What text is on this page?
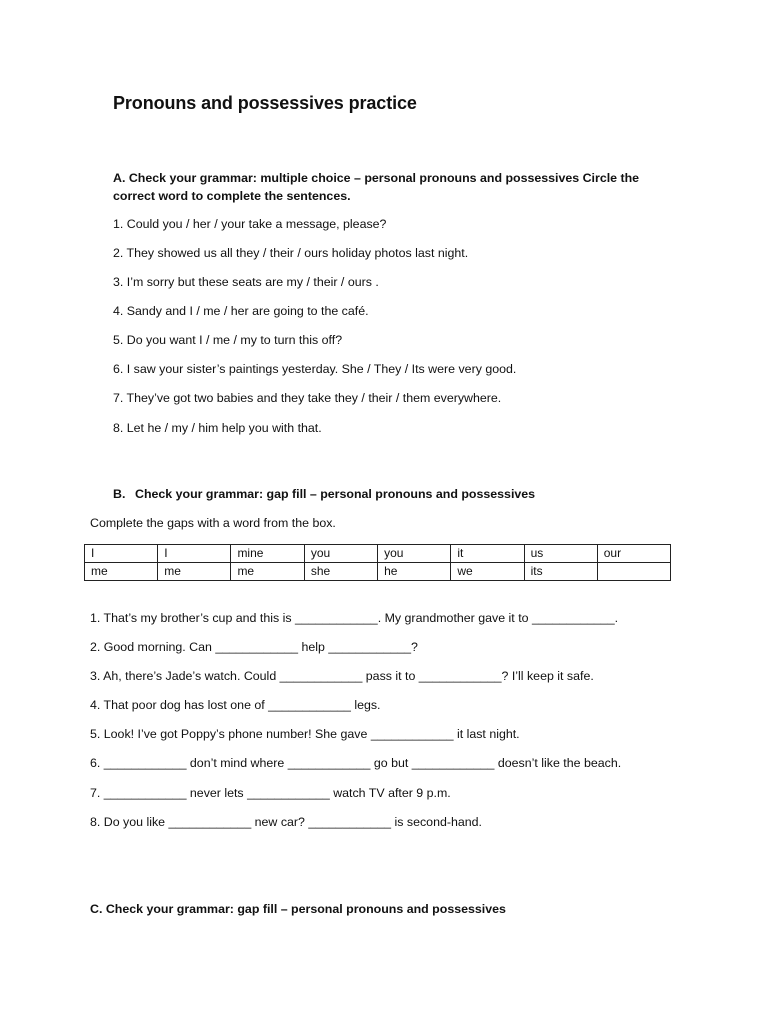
Pronouns and possessives practice
A. Check your grammar: multiple choice – personal pronouns and possessives Circle the correct word to complete the sentences.
1. Could you / her / your take a message, please?
2. They showed us all they / their / ours holiday photos last night.
3. I’m sorry but these seats are my / their / ours .
4. Sandy and I / me / her are going to the café.
5. Do you want I / me / my to turn this off?
6. I saw your sister’s paintings yesterday. She / They / Its were very good.
7. They’ve got two babies and they take they / their / them everywhere.
8. Let he / my / him help you with that.
B. Check your grammar: gap fill – personal pronouns and possessives
Complete the gaps with a word from the box.
I	I	mine	you	you	it	us	our
me	me	me	she	he	we	its	
1. That’s my brother’s cup and this is ____________. My grandmother gave it to ____________.
2. Good morning. Can ____________ help ____________?
3. Ah, there’s Jade’s watch. Could ____________ pass it to ____________? I’ll keep it safe.
4. That poor dog has lost one of ____________ legs.
5. Look! I’ve got Poppy’s phone number! She gave ____________ it last night.
6. ____________ don’t mind where ____________ go but ____________ doesn’t like the beach.
7. ____________ never lets ____________ watch TV after 9 p.m.
8. Do you like ____________ new car? ____________ is second-hand.
C. Check your grammar: gap fill – personal pronouns and possessives
